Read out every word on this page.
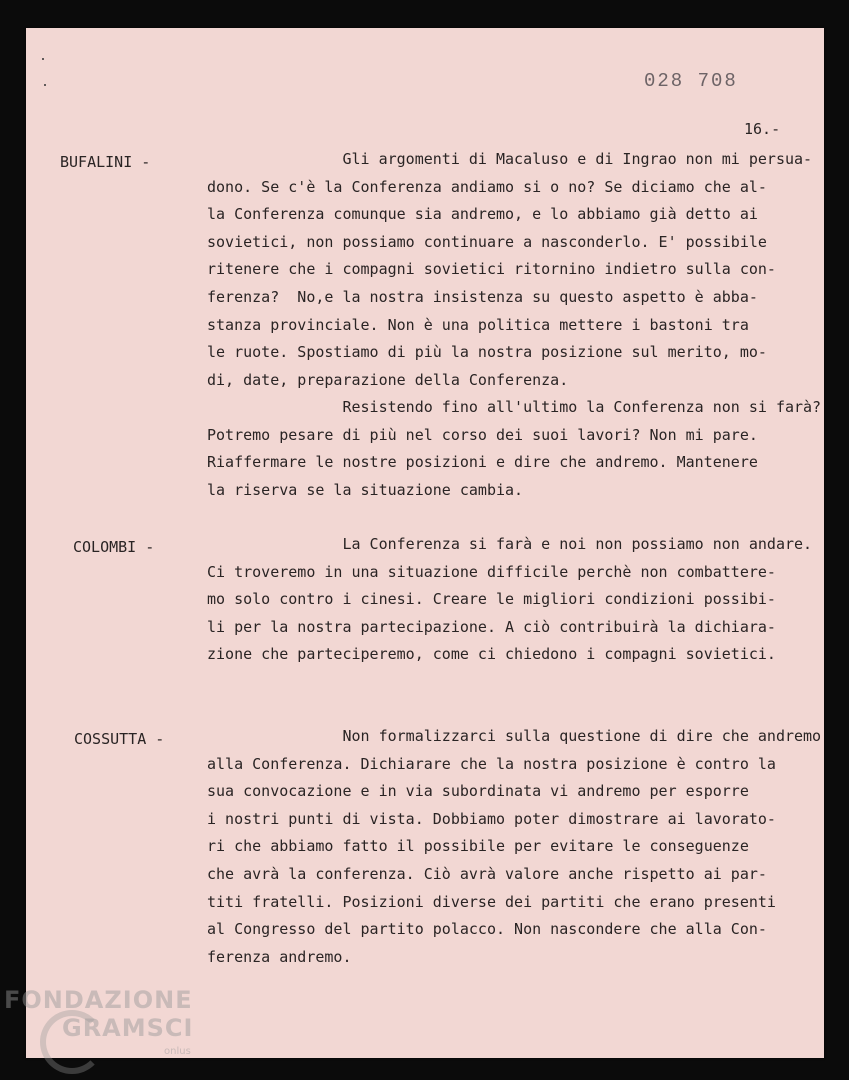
028 708
16.-
BUFALINI -	Gli argomenti di Macaluso e di Ingrao non mi persua-
dono. Se c'è la Conferenza andiamo si o no? Se diciamo che al-
la Conferenza comunque sia andremo, e lo abbiamo già detto ai
sovietici, non possiamo continuare a nasconderlo. E' possibile
ritenere che i compagni sovietici ritornino indietro sulla con-
ferenza?  No,e la nostra insistenza su questo aspetto è abba-
stanza provinciale. Non è una politica mettere i bastoni tra
le ruote. Spostiamo di più la nostra posizione sul merito, mo-
di, date, preparazione della Conferenza.
Resistendo fino all'ultimo la Conferenza non si farà?
Potremo pesare di più nel corso dei suoi lavori? Non mi pare.
Riaffermare le nostre posizioni e dire che andremo. Mantenere
la riserva se la situazione cambia.
COLOMBI -	La Conferenza si farà e noi non possiamo non andare.
Ci troveremo in una situazione difficile perchè non combattere-
mo solo contro i cinesi. Creare le migliori condizioni possibi-
li per la nostra partecipazione. A ciò contribuirà la dichiara-
zione che parteciperemo, come ci chiedono i compagni sovietici.
COSSUTTA -	Non formalizzarci sulla questione di dire che andremo
alla Conferenza. Dichiarare che la nostra posizione è contro la
sua convocazione e in via subordinata vi andremo per esporre
i nostri punti di vista. Dobbiamo poter dimostrare ai lavorato-
ri che abbiamo fatto il possibile per evitare le conseguenze
che avrà la conferenza. Ciò avrà valore anche rispetto ai par-
titi fratelli. Posizioni diverse dei partiti che erano presenti
al Congresso del partito polacco. Non nascondere che alla Con-
ferenza andremo.
FONDAZIONE
GRAMSCI
onlus
